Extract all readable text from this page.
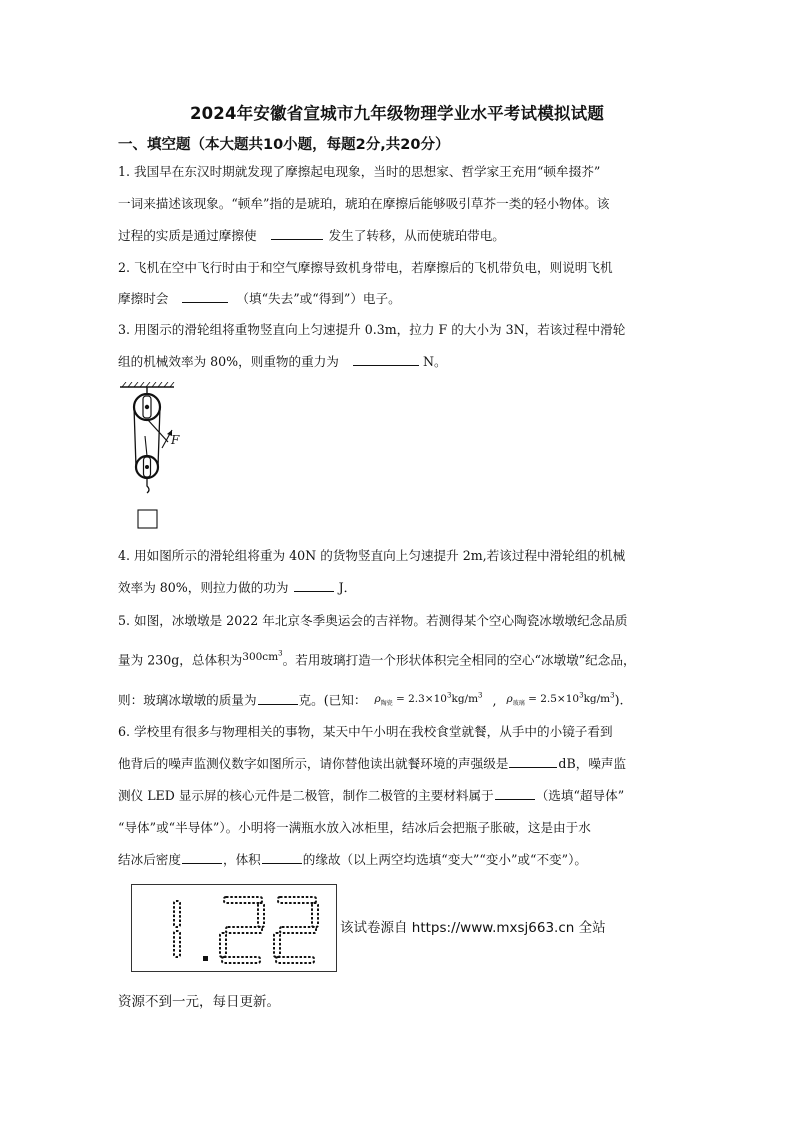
2024年安徽省宣城市九年级物理学业水平考试模拟试题
一、填空题（本大题共10小题，每题2分,共20分）
1. 我国早在东汉时期就发现了摩擦起电现象，当时的思想家、哲学家王充用“顿牟掇芥”
一词来描述该现象。“顿牟”指的是琥珀，琥珀在摩擦后能够吸引草芥一类的轻小物体。该
过程的实质是通过摩擦使	发生了转移，从而使琥珀带电。
2. 飞机在空中飞行时由于和空气摩擦导致机身带电，若摩擦后的飞机带负电，则说明飞机
摩擦时会	（填“失去”或“得到”）电子。
3. 用图示的滑轮组将重物竖直向上匀速提升 0.3m，拉力 F 的大小为 3N，若该过程中滑轮
组的机械效率为 80%，则重物的重力为	N。
F
4. 用如图所示的滑轮组将重为 40N 的货物竖直向上匀速提升 2m,若该过程中滑轮组的机械
效率为 80%，则拉力做的功为	J．
5. 如图，冰墩墩是 2022 年北京冬季奥运会的吉祥物。若测得某个空心陶瓷冰墩墩纪念品质
量为 230g，总体积为$^{300cm^3}$。若用玻璃打造一个形状体积完全相同的空心“冰墩墩”纪念品，
则：玻璃冰墩墩的质量为	克。(已知： $^{\rho_{陶瓷} = 2.3\times 10^3kg/m^3}$ , $^{\rho_{玻璃} = 2.5\times 10^3kg/m^3}$).
6. 学校里有很多与物理相关的事物，某天中午小明在我校食堂就餐，从手中的小镜子看到
他背后的噪声监测仪数字如图所示，请你替他读出就餐环境的声强级是	dB，噪声监
测仪 LED 显示屏的核心元件是二极管，制作二极管的主要材料属于	（选填“超导体”
“导体”或“半导体”）。小明将一满瓶水放入冰柜里，结冰后会把瓶子胀破，这是由于水
结冰后密度	，体积	的缘故（以上两空均选填“变大”“变小”或“不变”）。
该试卷源自 https://www.mxsj663.cn 全站
资源不到一元，每日更新。
